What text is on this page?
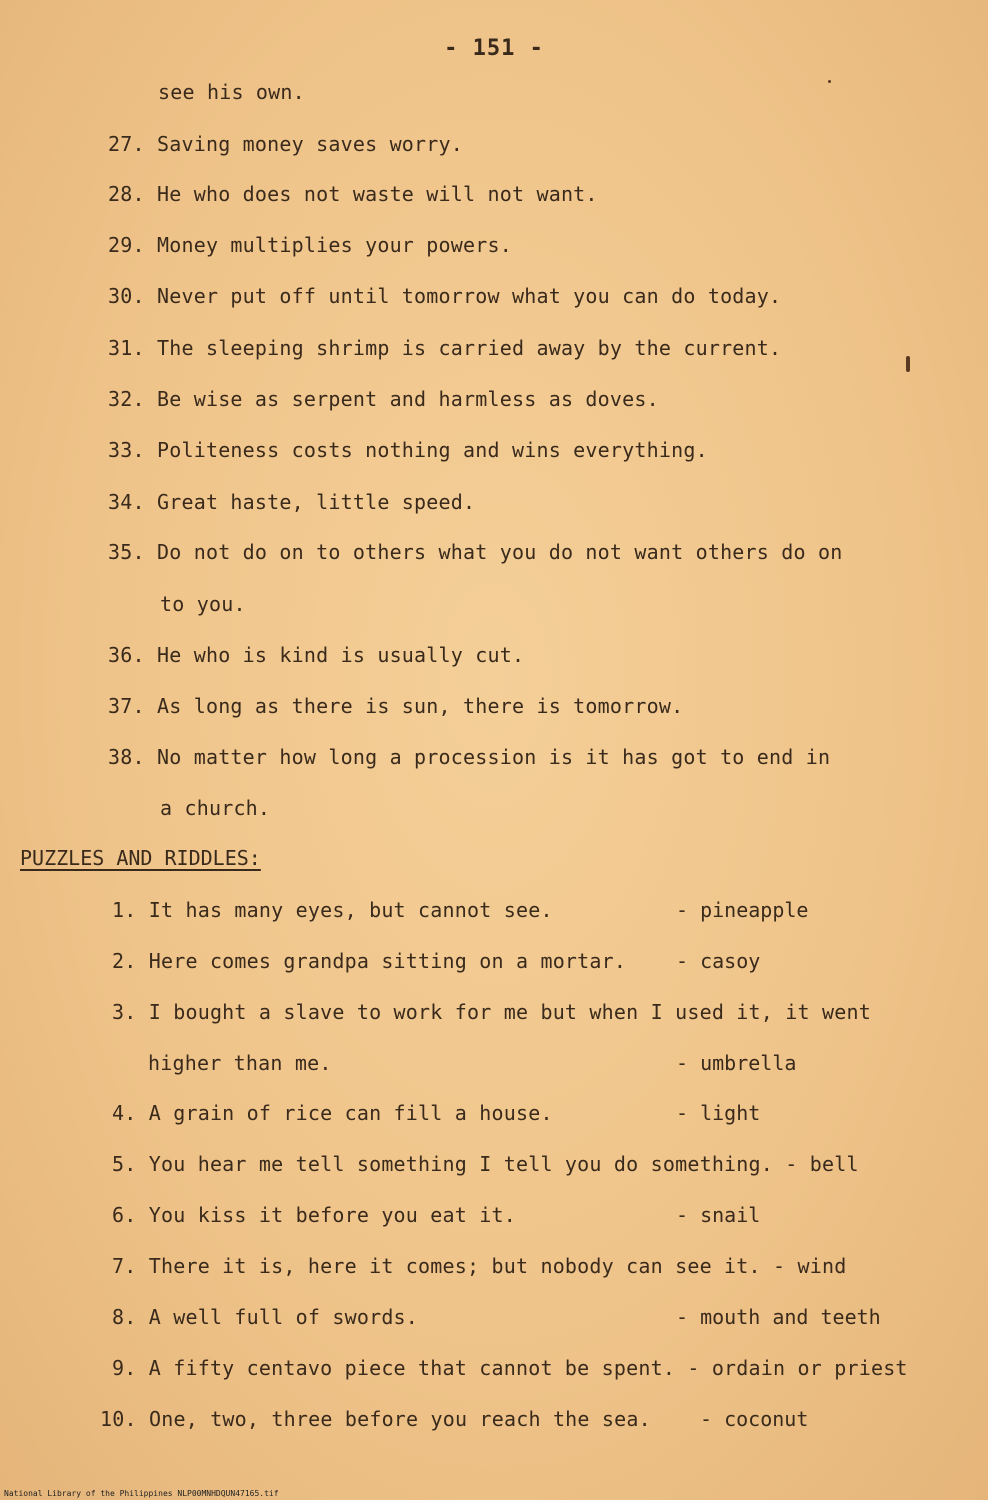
- 151 -
see his own.
27. Saving money saves worry.
28. He who does not waste will not want.
29. Money multiplies your powers.
30. Never put off until tomorrow what you can do today.
31. The sleeping shrimp is carried away by the current.
32. Be wise as serpent and harmless as doves.
33. Politeness costs nothing and wins everything.
34. Great haste, little speed.
35. Do not do on to others what you do not want others do on
to you.
36. He who is kind is usually cut.
37. As long as there is sun, there is tomorrow.
38. No matter how long a procession is it has got to end in
a church.
PUZZLES AND RIDDLES:
1. It has many eyes, but cannot see.	- pineapple
2. Here comes grandpa sitting on a mortar. - casoy
3. I bought a slave to work for me but when I used it, it went
higher than me.	- umbrella
4. A grain of rice can fill a house.	- light
5. You hear me tell something I tell you do something. - bell
6. You kiss it before you eat it.	- snail
7. There it is, here it comes; but nobody can see it. - wind
8. A well full of swords.	- mouth and teeth
9. A fifty centavo piece that cannot be spent. - ordain or priest
10. One, two, three before you reach the sea. - coconut
National Library of the Philippines NLP00MNHDQUN47165.tif
